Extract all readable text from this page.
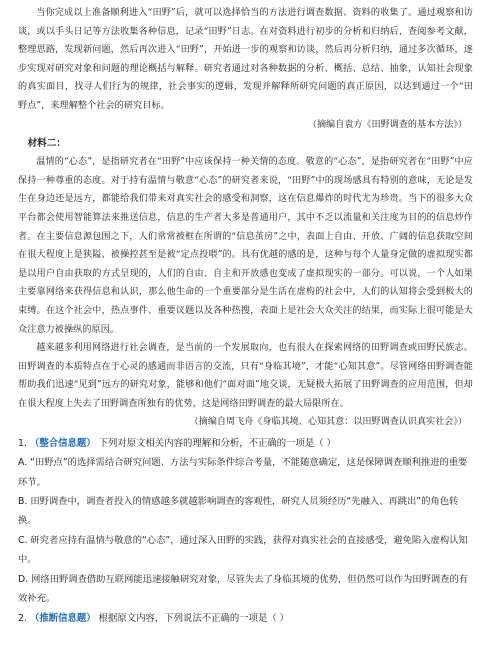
当你完成以上准备顺利进入“田野”后，就可以选择恰当的方法进行调查数据、资料的收集了。通过观察和访谈，或以手头日记等方法收集各种信息，记录“田野”日志。在对资料进行初步的分析和归纳后，查阅参考文献，整理思路，发现新问题，然后再次进入“田野”，开始进一步的观察和访谈，然后再分析归纳，通过多次循环，逐步实现对研究对象和问题的理论概括与解释。研究者通过对各种数据的分析、概括、总结、抽象，认知社会现象的真实面目，找寻人们行为的规律，社会事实的逻辑，发现并解释所研究问题的真正原因，以达到通过一个“田野点”，来理解整个社会的研究目标。

（摘编自袁方《田野调查的基本方法》）

材料二：

温情的“心态”，是指研究者在“田野”中应该保持一种关情的态度。敬意的“心态”，是指研究者在“田野”中应保持一种尊重的态度。对于持有温情与敬意“心态”的研究者来说，“田野”中的现场感具有特别的意味，无论是发生在身边还是远方，都能给我们带来对真实社会的感受和洞察，这在信息爆炸的时代尤为珍贵。当下的很多大众平台都会使用智能算法来推送信息，信息的生产者大多是普通用户，其中不乏以流量和关注度为目的的信息炒作者。在主要信息源包围之下，人们常常被框在所谓的“信息茧房”之中，表面上自由、开放、广阔的信息获取空间在很大程度上是狭隘、被操控甚至是被“定点投喂”的。具有优越的感的是，这种与每个人量身定做的虚拟现实都是以用户自由获取的方式呈现的，人们的自由、自主和开放感也变成了虚拟现实的一部分。可以说，一个人如果主要靠网络来获得信息和认识，那么他生命的一个重要部分是生活在虚构的社会中，人们的认知将会受到极大的束缚。在这个社会中，热点事件、重要议题以及各种热搜，表面上是社会大众关注的结果，而实际上很可能是大众注意力被操纵的原因。

越来越多利用网络进行社会调查，是当前的一个发展取向，也有很人在探索网络的田野调查或田野民族志。田野调查的本质特点在于心灵的感通而非语言的交流，只有“身临其境”，才能“心知其意”。尽管网络田野调查能帮助我们迅速“见到”远方的研究对象，能够和他们“面对面”地交谈，无疑极大拓展了田野调查的应用范围，但却在很大程度上失去了田野调查所独有的优势，这是网络田野调查的最大局限所在。

（摘编自周飞舟《身临其境、心知其意：以田野调查认识真实社会》）

1. （整合信息题） 下列对原文相关内容的理解和分析，不正确的一项是（ ）

A. “田野点”的选择需结合研究问题、方法与实际条件综合考量，不能随意确定，这是保障调查顺利推进的重要环节。

B. 田野调查中，调查者投入的情感越多就越影响调查的客观性，研究人员须经历“先融入、再跳出”的角色转换。

C. 研究者应持有温情与敬意的“心态”，通过深入田野的实践，获得对真实社会的直接感受，避免陷入虚构认知中。

D. 网络田野调查借助互联网能迅速接触研究对象，尽管失去了身临其境的优势，但仍然可以作为田野调查的有效补充。

2. （推断信息题） 根据原文内容，下列说法不正确的一项是（ ）
